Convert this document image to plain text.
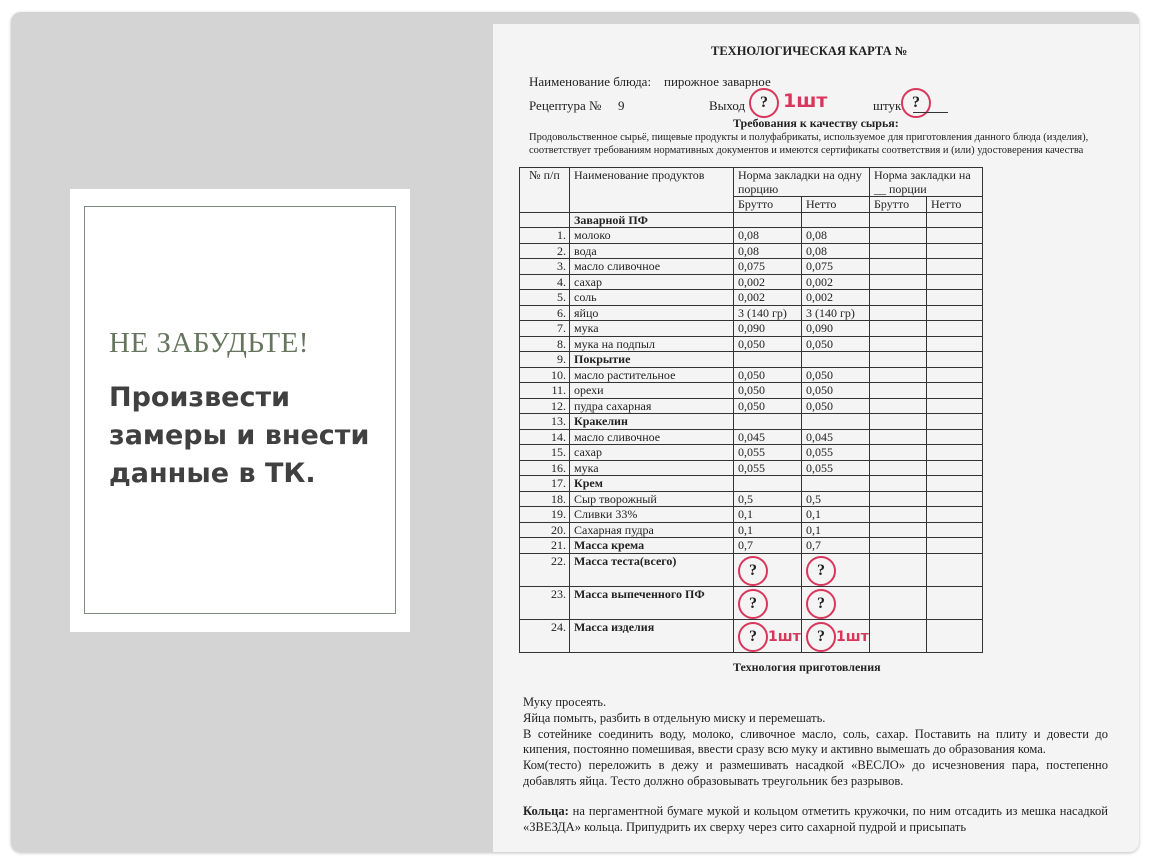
НЕ ЗАБУДЬТЕ!
Произвести замеры и внести данные в ТК.
ТЕХНОЛОГИЧЕСКАЯ КАРТА №
Наименование блюда: пирожное заварное
Рецептура № 9	Выход ? 1шт	штук ?
Требования к качеству сырья:
Продовольственное сырьё, пищевые продукты и полуфабрикаты, используемое для приготовления данного блюда (изделия), соответствует требованиям нормативных документов и имеются сертификаты соответствия и (или) удостоверения качества
№ п/п	Наименование продуктов	Норма закладки на одну порцию		Норма закладки на __ порции	
		Брутто	Нетто	Брутто	Нетто
	Заварной ПФ				
1.	молоко	0,08	0,08		
2.	вода	0,08	0,08		
3.	масло сливочное	0,075	0,075		
4.	сахар	0,002	0,002		
5.	соль	0,002	0,002		
6.	яйцо	3 (140 гр)	3 (140 гр)		
7.	мука	0,090	0,090		
8.	мука на подпыл	0,050	0,050		
9.	Покрытие				
10.	масло растительное	0,050	0,050		
11.	орехи	0,050	0,050		
12.	пудра сахарная	0,050	0,050		
13.	Кракелин				
14.	масло сливочное	0,045	0,045		
15.	сахар	0,055	0,055		
16.	мука	0,055	0,055		
17.	Крем				
18.	Сыр творожный	0,5	0,5		
19.	Сливки 33%	0,1	0,1		
20.	Сахарная пудра	0,1	0,1		
21.	Масса крема	0,7	0,7		
22.	Масса теста(всего)	?	?		
23.	Масса выпеченного ПФ	?	?		
24.	Масса изделия	? 1шт	? 1шт		
Технология приготовления

Муку просеять.

Яйца помыть, разбить в отдельную миску и перемешать.

В сотейнике соединить воду, молоко, сливочное масло, соль, сахар. Поставить на плиту и довести до кипения, постоянно помешивая, ввести сразу всю муку и активно вымешать до образования кома.

Ком(тесто) переложить в дежу и размешивать насадкой «ВЕСЛО» до исчезновения пара, постепенно добавлять яйца. Тесто должно образовывать треугольник без разрывов.

Кольца: на пергаментной бумаге мукой и кольцом отметить кружочки, по ним отсадить из мешка насадкой «ЗВЕЗДА» кольца. Припудрить их сверху через сито сахарной пудрой и присыпать
